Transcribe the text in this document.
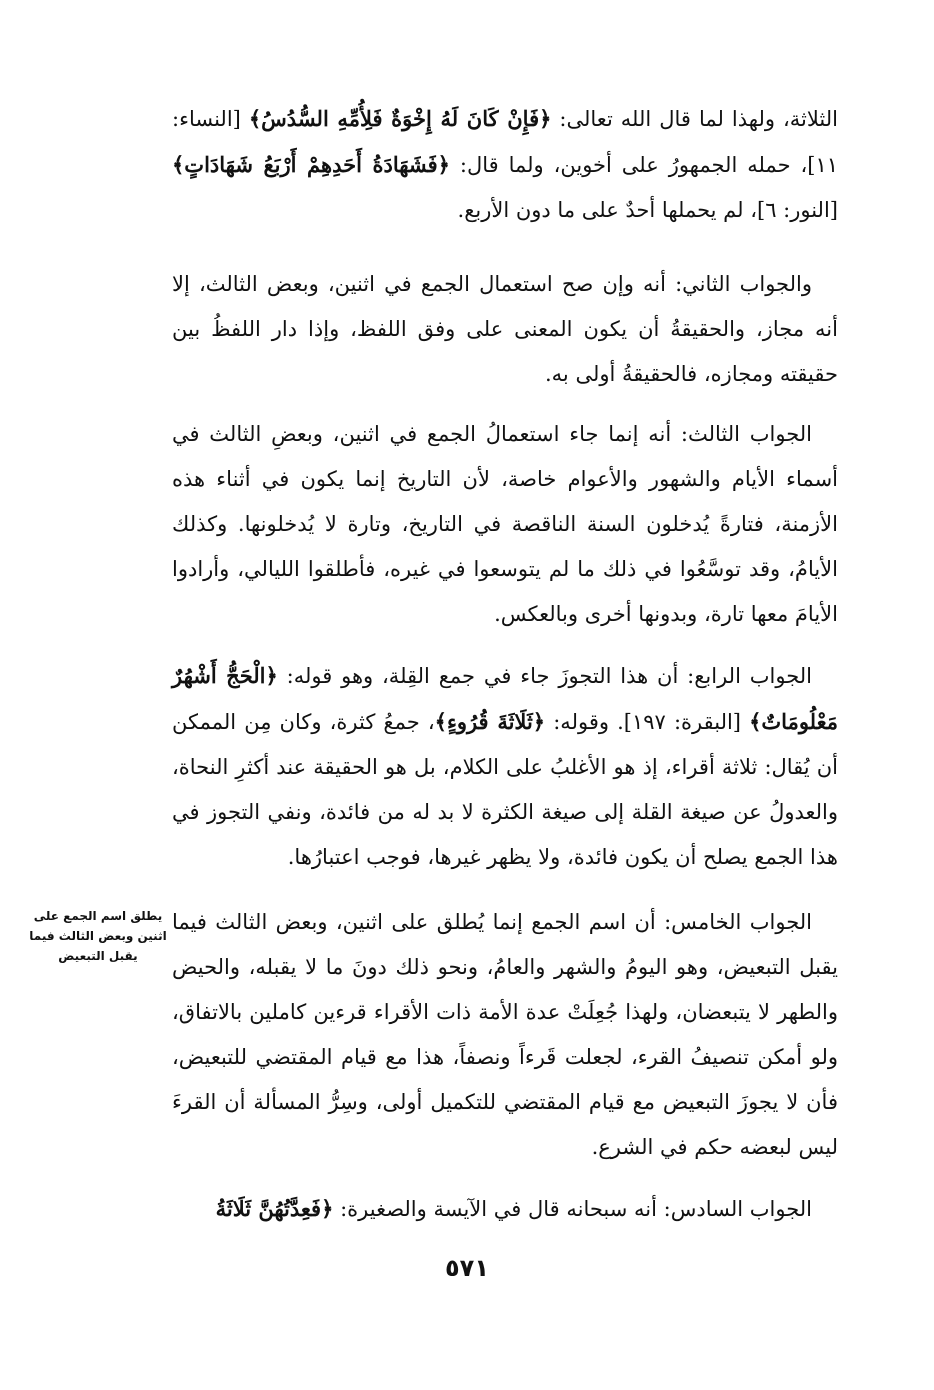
الثلاثة، ولهذا لما قال الله تعالى: ﴿فَإِنْ كَانَ لَهُ إِخْوَةٌ فَلِأُمِّهِ السُّدُسُ﴾ [النساء: ١١]، حمله الجمهورُ على أخوين، ولما قال: ﴿فَشَهَادَةُ أَحَدِهِمْ أَرْبَعُ شَهَادَاتٍ﴾ [النور: ٦]، لم يحملها أحدٌ على ما دون الأربع.

والجواب الثاني: أنه وإن صح استعمال الجمع في اثنين، وبعض الثالث، إلا أنه مجاز، والحقيقةُ أن يكون المعنى على وفق اللفظ، وإذا دار اللفظُ بين حقيقته ومجازه، فالحقيقةُ أولى به.

الجواب الثالث: أنه إنما جاء استعمالُ الجمع في اثنين، وبعضِ الثالث في أسماء الأيام والشهور والأعوام خاصة، لأن التاريخ إنما يكون في أثناء هذه الأزمنة، فتارةً يُدخلون السنة الناقصة في التاريخ، وتارة لا يُدخلونها. وكذلك الأيامُ، وقد توسَّعُوا في ذلك ما لم يتوسعوا في غيره، فأطلقوا الليالي، وأرادوا الأيامَ معها تارة، وبدونها أخرى وبالعكس.

الجواب الرابع: أن هذا التجوزَ جاء في جمع القِلة، وهو قوله: ﴿الْحَجُّ أَشْهُرٌ مَعْلُومَاتٌ﴾ [البقرة: ١٩٧]. وقوله: ﴿ثَلَاثَةَ قُرُوءٍ﴾، جمعُ كثرة، وكان مِن الممكن أن يُقال: ثلاثة أقراء، إذ هو الأغلبُ على الكلام، بل هو الحقيقة عند أكثرِ النحاة، والعدولُ عن صيغة القلة إلى صيغة الكثرة لا بد له من فائدة، ونفي التجوز في هذا الجمع يصلح أن يكون فائدة، ولا يظهر غيرها، فوجب اعتبارُها.

الجواب الخامس: أن اسم الجمع إنما يُطلق على اثنين، وبعض الثالث فيما يقبل التبعيض، وهو اليومُ والشهر والعامُ، ونحو ذلك دونَ ما لا يقبله، والحيض والطهر لا يتبعضان، ولهذا جُعِلَتْ عدة الأمة ذات الأقراء قرءين كاملين بالاتفاق، ولو أمكن تنصيفُ القرء، لجعلت قَرءاً ونصفاً، هذا مع قيام المقتضي للتبعيض، فأن لا يجوزَ التبعيض مع قيام المقتضي للتكميل أولى، وسِرُّ المسألة أن القرءَ ليس لبعضه حكم في الشرع.

يطلق اسم الجمع على اثنين وبعض الثالث فيما يقبل التبعيض

الجواب السادس: أنه سبحانه قال في الآيسة والصغيرة: ﴿فَعِدَّتُهُنَّ ثَلَاثَةُ

٥٧١
